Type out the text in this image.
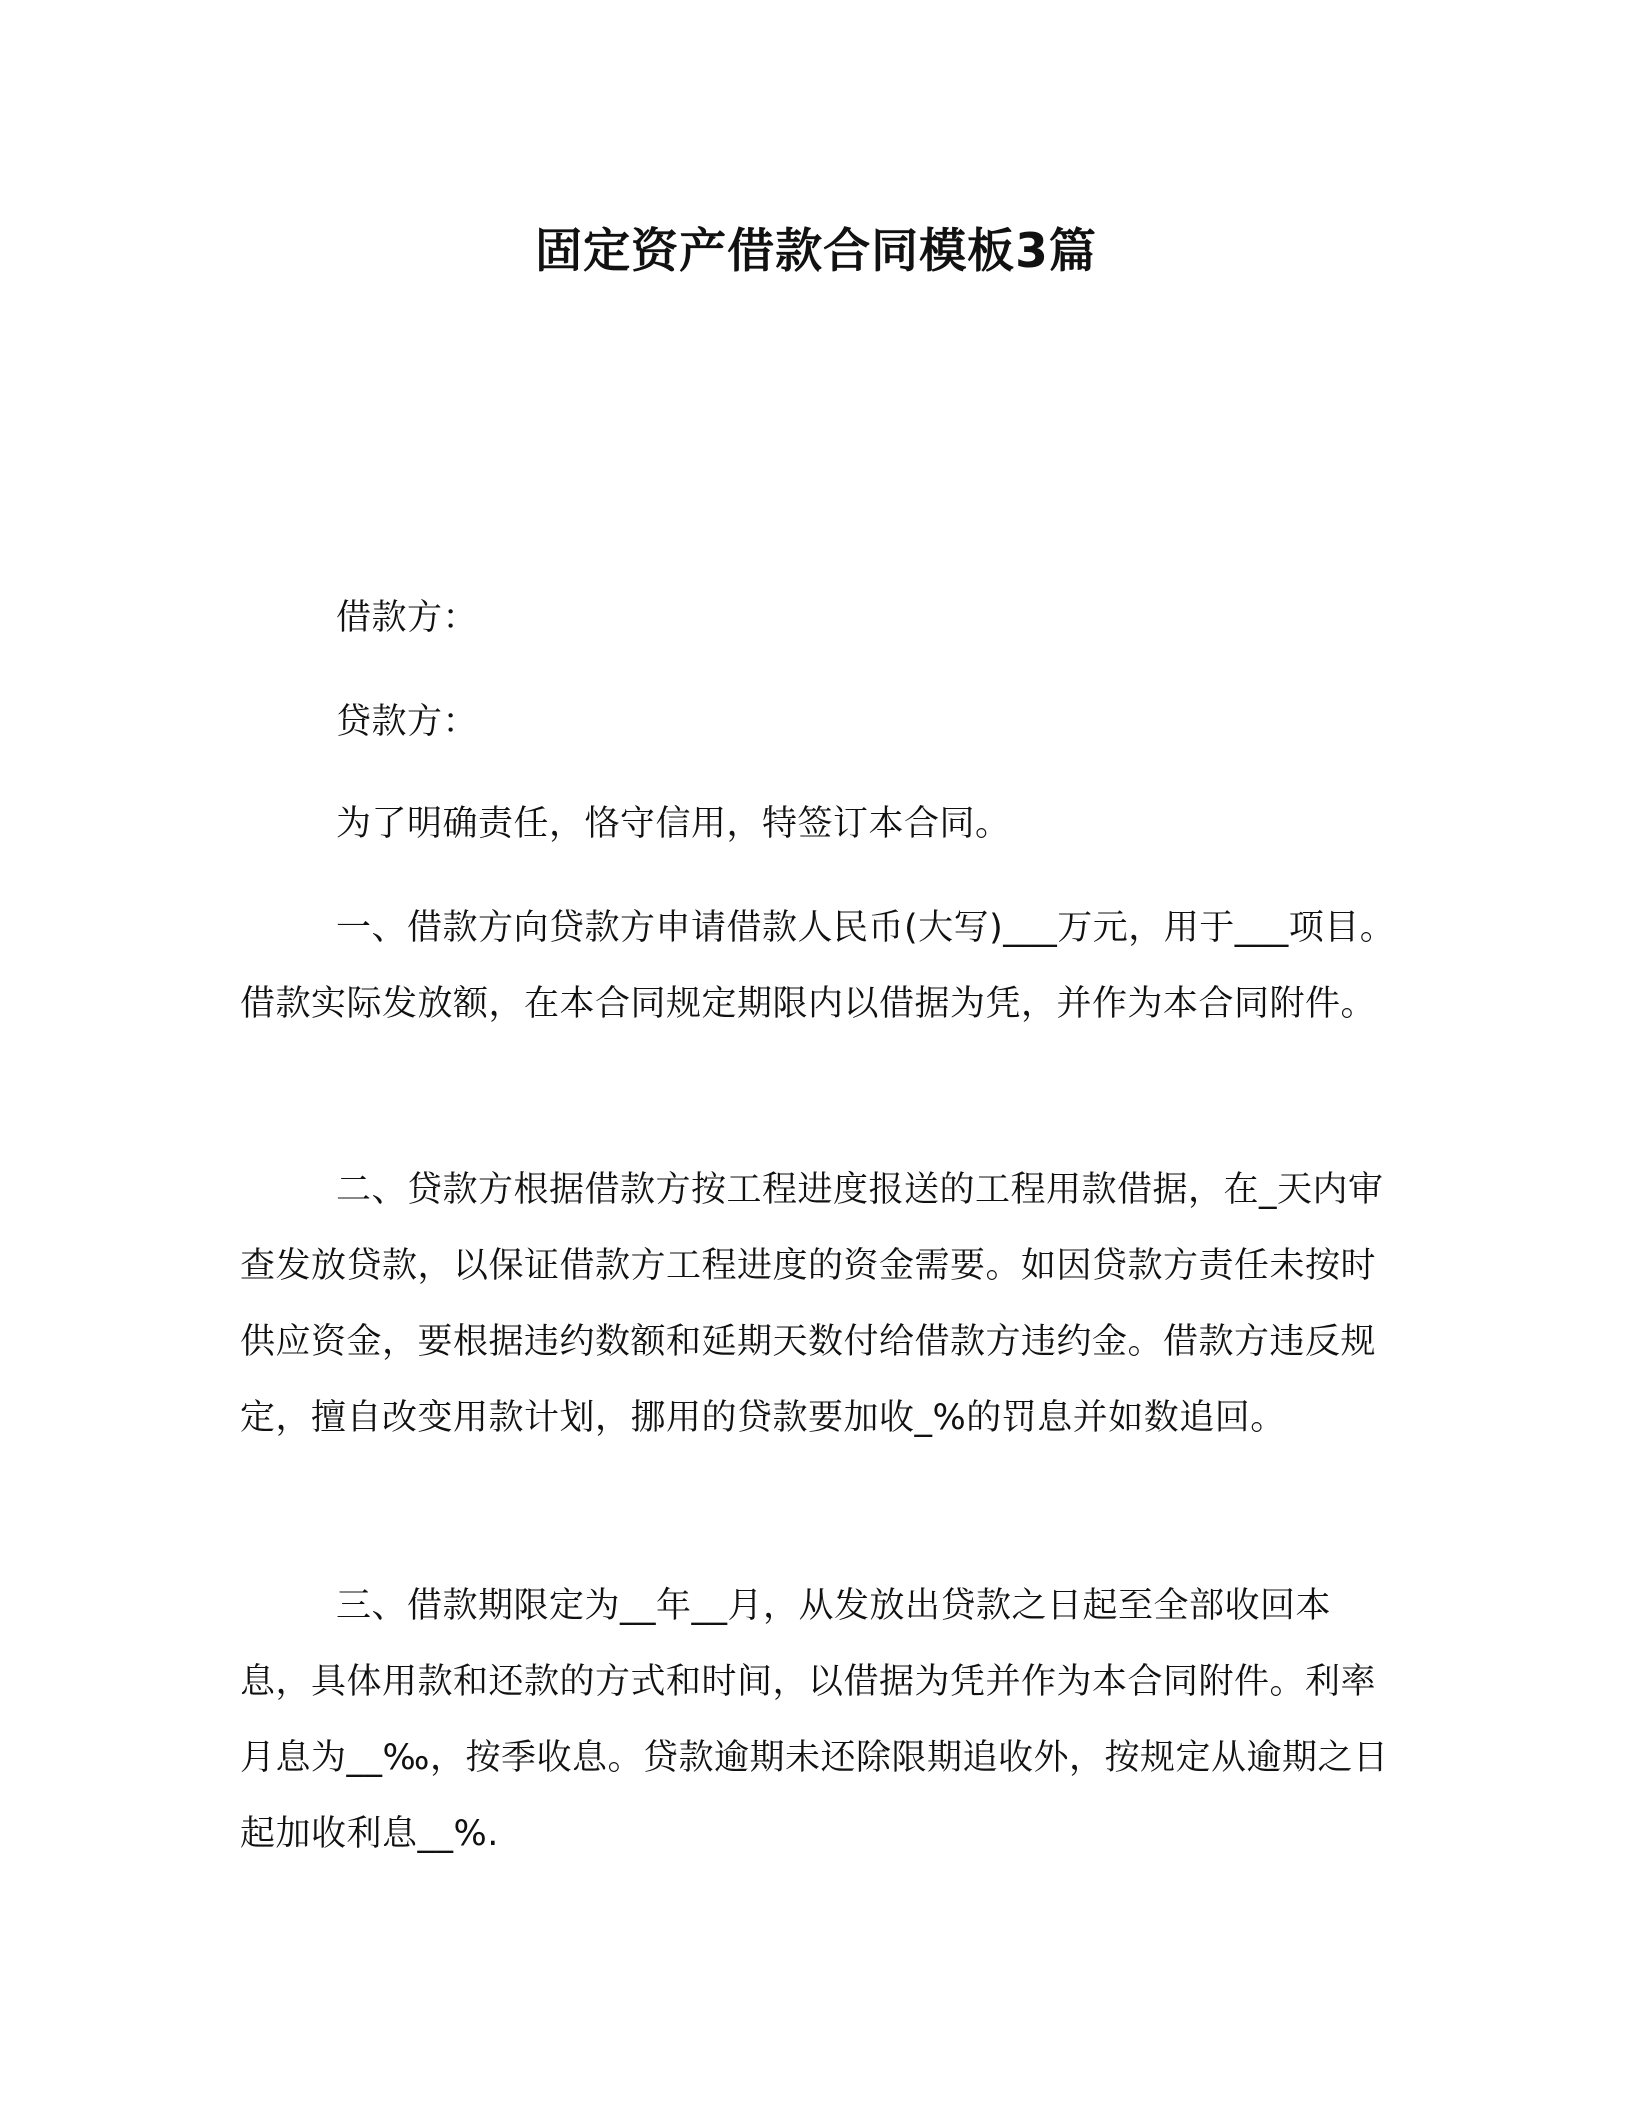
固定资产借款合同模板3篇

借款方：

贷款方：

为了明确责任，恪守信用，特签订本合同。

一、借款方向贷款方申请借款人民币(大写)___万元，用于___项目。借款实际发放额，在本合同规定期限内以借据为凭，并作为本合同附件。

二、贷款方根据借款方按工程进度报送的工程用款借据，在_天内审查发放贷款，以保证借款方工程进度的资金需要。如因贷款方责任未按时供应资金，要根据违约数额和延期天数付给借款方违约金。借款方违反规定，擅自改变用款计划，挪用的贷款要加收_%的罚息并如数追回。

三、借款期限定为__年__月，从发放出贷款之日起至全部收回本息，具体用款和还款的方式和时间，以借据为凭并作为本合同附件。利率月息为__‰，按季收息。贷款逾期未还除限期追收外，按规定从逾期之日起加收利息__%.
